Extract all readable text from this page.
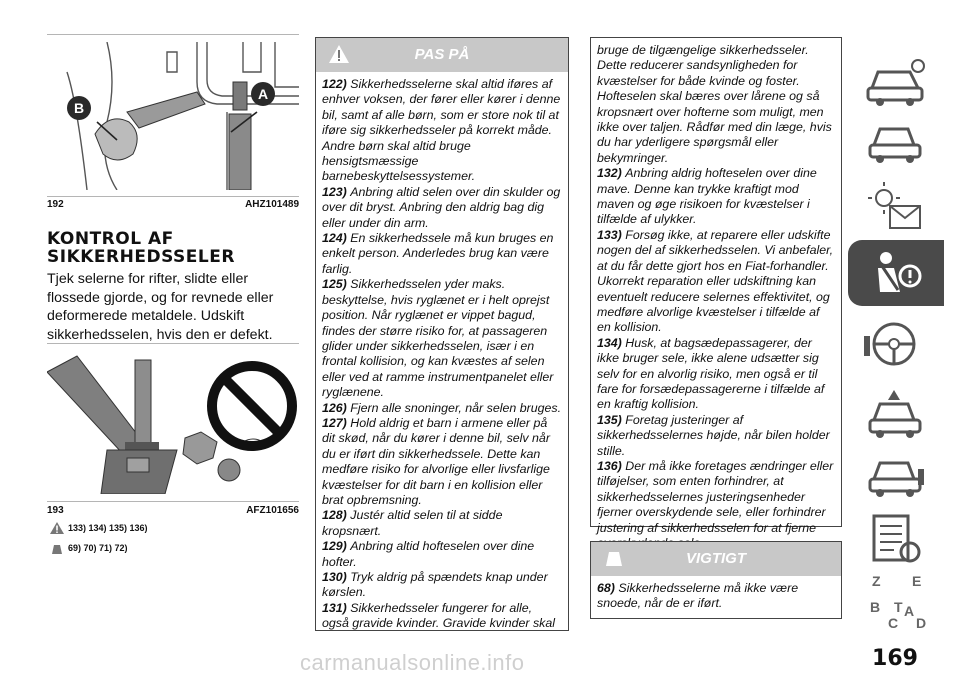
A
B
192	AHZ101489
KONTROL AF
SIKKERHEDSSELER
Tjek selerne for rifter, slidte eller flossede gjorde, og for revnede eller deformerede metaldele. Udskift sikkerhedsselen, hvis den er defekt.
193	AFZ101656
133) 134) 135) 136)
69) 70) 71) 72)
PAS PÅ
122) Sikkerhedsselerne skal altid iføres af enhver voksen, der fører eller kører i denne bil, samt af alle børn, som er store nok til at iføre sig sikkerhedsseler på korrekt måde. Andre børn skal altid bruge hensigtsmæssige barnebeskyttelsessystemer.
123) Anbring altid selen over din skulder og over dit bryst. Anbring den aldrig bag dig eller under din arm.
124) En sikkerhedssele må kun bruges en enkelt person. Anderledes brug kan være farlig.
125) Sikkerhedsselen yder maks. beskyttelse, hvis ryglænet er i helt oprejst position. Når ryglænet er vippet bagud, findes der større risiko for, at passageren glider under sikkerhedsselen, især i en frontal kollision, og kan kvæstes af selen eller ved at ramme instrumentpanelet eller ryglænene.
126) Fjern alle snoninger, når selen bruges.
127) Hold aldrig et barn i armene eller på dit skød, når du kører i denne bil, selv når du er iført din sikkerhedssele. Dette kan medføre risiko for alvorlige eller livsfarlige kvæstelser for dit barn i en kollision eller brat opbremsning.
128) Justér altid selen til at sidde kropsnært.
129) Anbring altid hofteselen over dine hofter.
130) Tryk aldrig på spændets knap under kørslen.
131) Sikkerhedsseler fungerer for alle, også gravide kvinder. Gravide kvinder skal
bruge de tilgængelige sikkerhedsseler. Dette reducerer sandsynligheden for kvæstelser for både kvinde og foster. Hofteselen skal bæres over lårene og så kropsnært over hofterne som muligt, men ikke over taljen. Rådfør med din læge, hvis du har yderligere spørgsmål eller bekymringer.
132) Anbring aldrig hofteselen over dine mave. Denne kan trykke kraftigt mod maven og øge risikoen for kvæstelser i tilfælde af ulykker.
133) Forsøg ikke, at reparere eller udskifte nogen del af sikkerhedsselen. Vi anbefaler, at du får dette gjort hos en Fiat-forhandler. Ukorrekt reparation eller udskiftning kan eventuelt reducere selernes effektivitet, og medføre alvorlige kvæstelser i tilfælde af en kollision.
134) Husk, at bagsædepassagerer, der ikke bruger sele, ikke alene udsætter sig selv for en alvorlig risiko, men også er til fare for forsædepassagererne i tilfælde af en kraftig kollision.
135) Foretag justeringer af sikkerhedsselernes højde, når bilen holder stille.
136) Der må ikke foretages ændringer eller tilføjelser, som enten forhindrer, at sikkerhedsselernes justeringsenheder fjerner overskydende sele, eller forhindrer justering af sikkerhedsselen for at fjerne
VIGTIGT
68) Sikkerhedsselerne må ikke være snoede, når de er iført.
Z E
B
C
T
D
A
169
carmanualsonline.info
